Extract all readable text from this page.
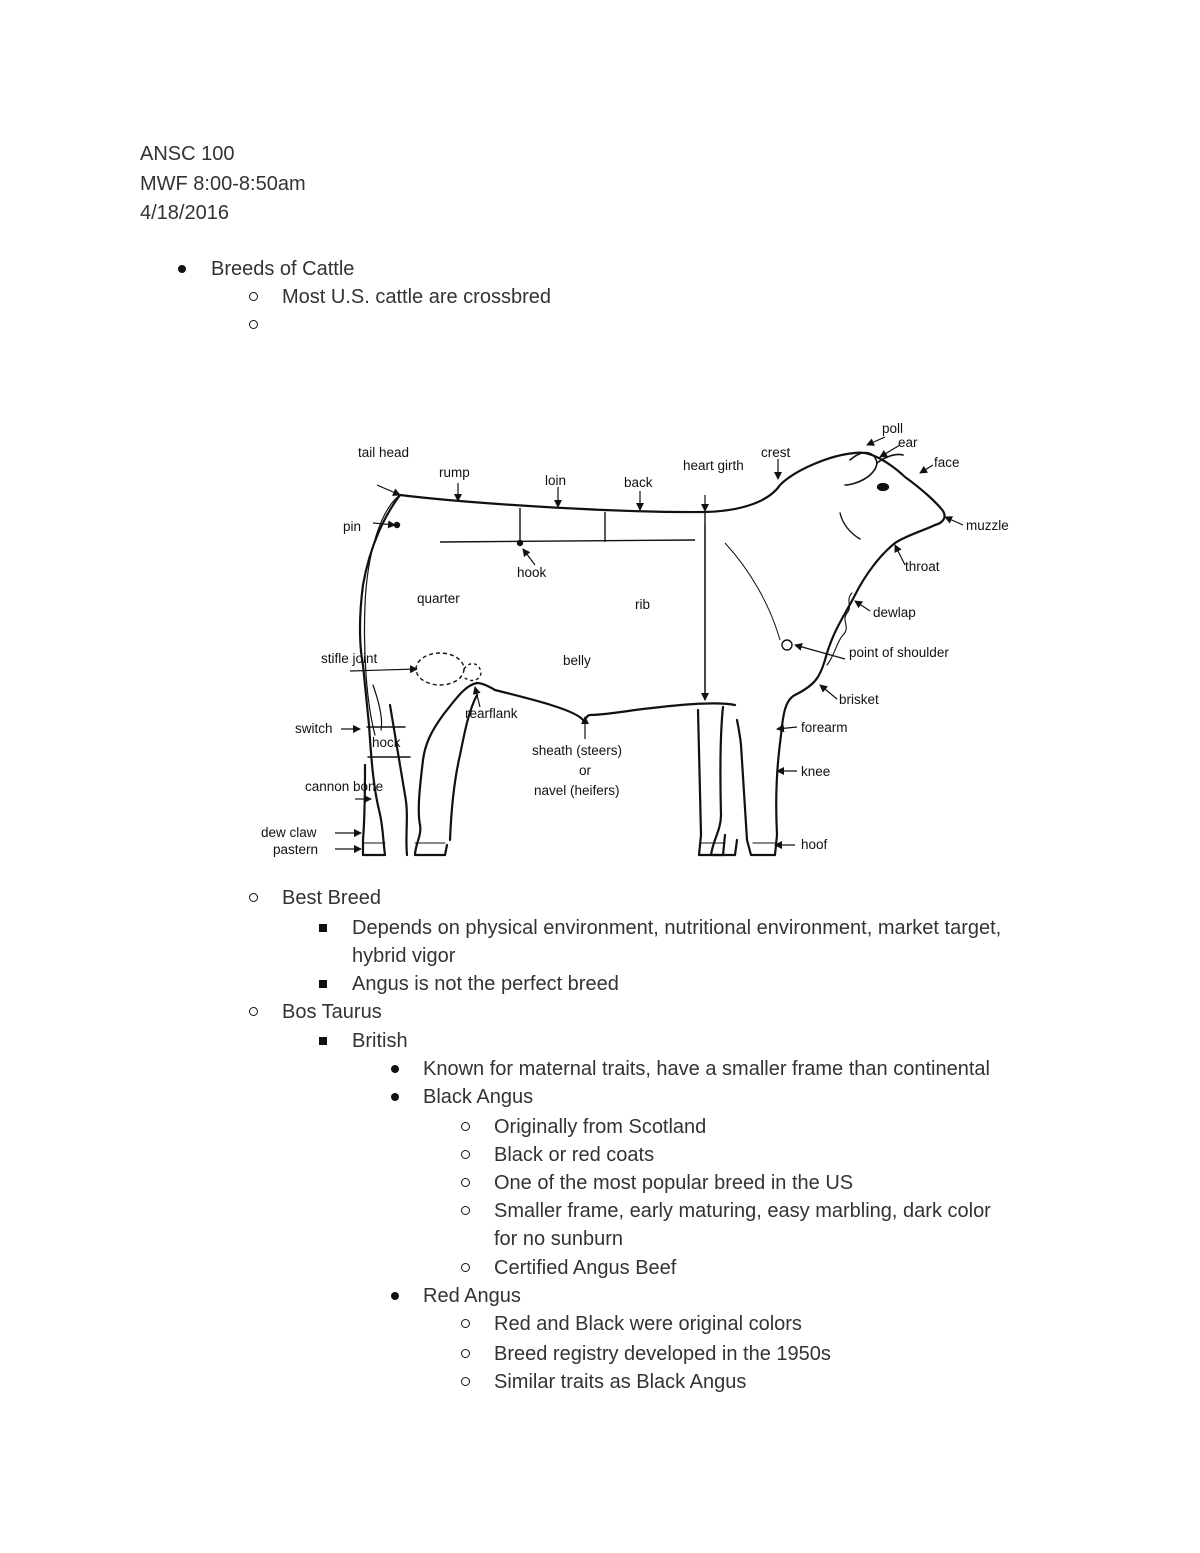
ANSC 100
MWF 8:00-8:50am
4/18/2016
Breeds of Cattle
Most U.S. cattle are crossbred
tail head
rump
loin	back
heart girth
crest
poll
ear
face
muzzle
pin
hook
quarter	rib
throat
dewlap
stifle joint	belly
point of shoulder
brisket
switch
rearflank
hock
sheath (steers)
or
navel (heifers)
forearm
knee
cannon bone
dew claw
pastern	hoof
Best Breed
Depends on physical environment, nutritional environment, market target,
hybrid vigor
Angus is not the perfect breed
Bos Taurus
British
Known for maternal traits, have a smaller frame than continental
Black Angus
Originally from Scotland
Black or red coats
One of the most popular breed in the US
Smaller frame, early maturing, easy marbling, dark color
for no sunburn
Certified Angus Beef
Red Angus
Red and Black were original colors
Breed registry developed in the 1950s
Similar traits as Black Angus
